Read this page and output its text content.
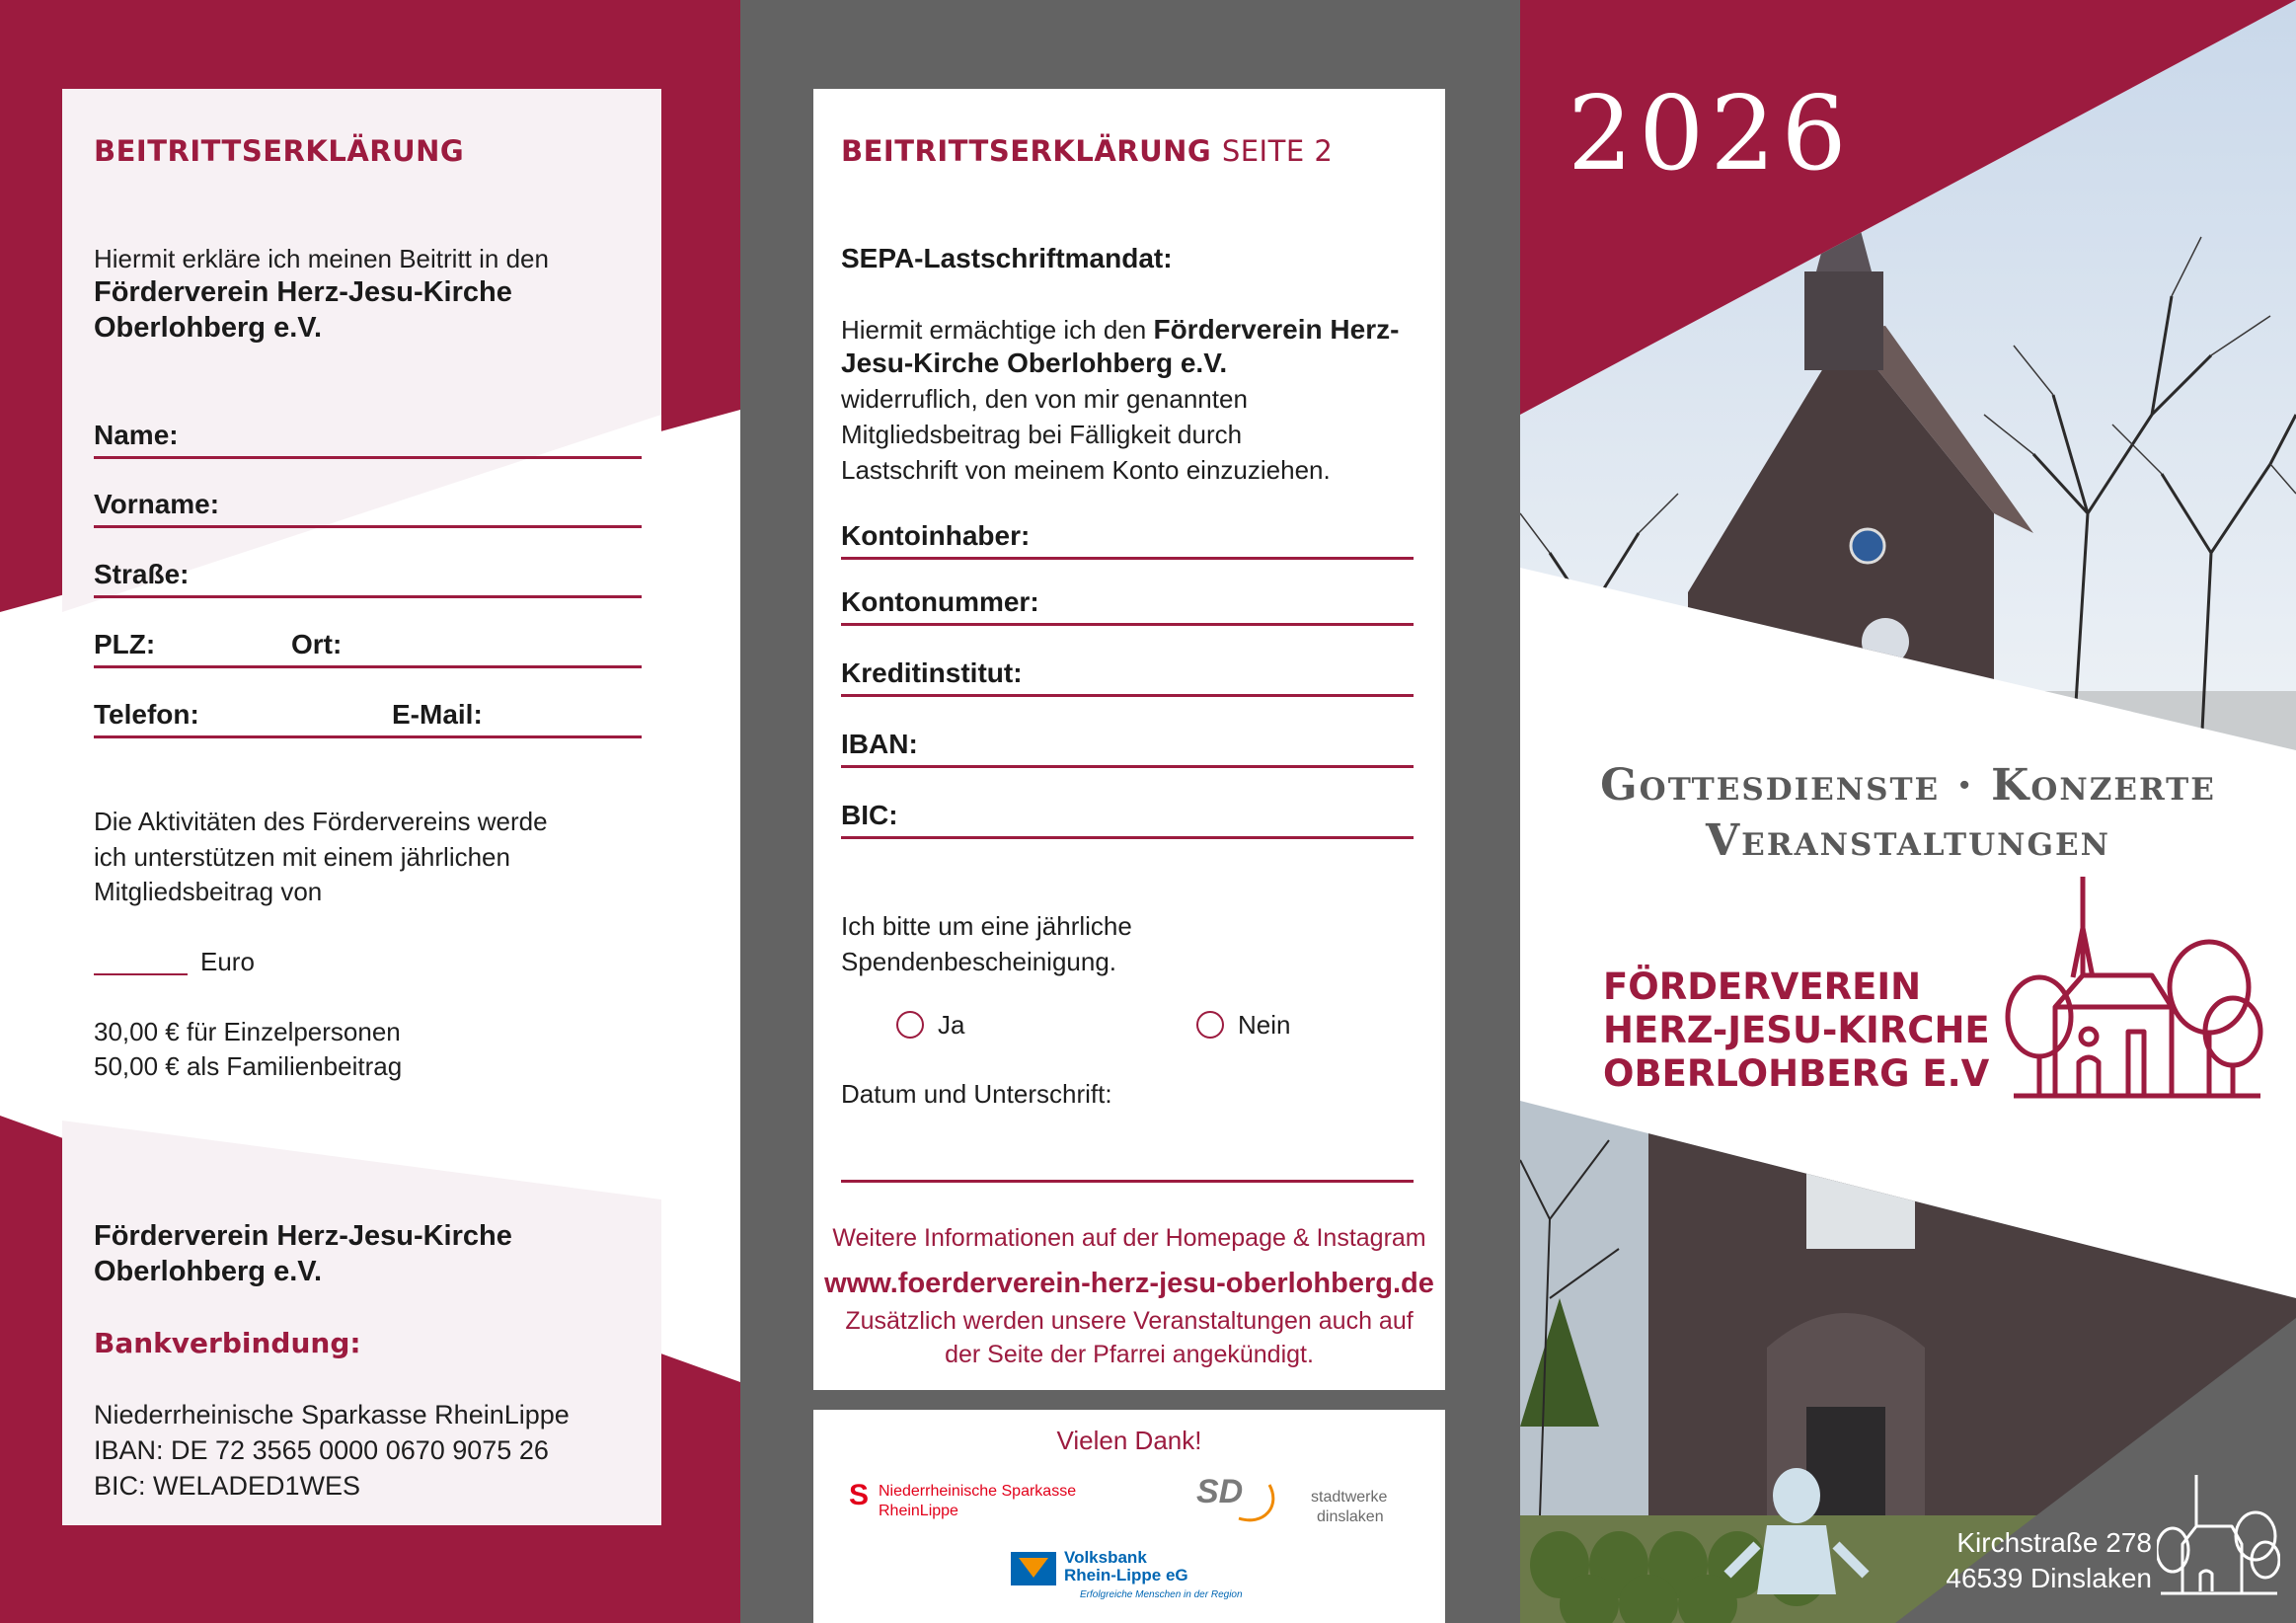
BEITRITTSERKLÄRUNG
Hiermit erkläre ich meinen Beitritt in den
Förderverein Herz-Jesu-Kirche
Oberlohberg e.V.
Name:
Vorname:
Straße:
PLZ:	Ort:
Telefon:	E-Mail:
Die Aktivitäten des Fördervereins werde
ich unterstützen mit einem jährlichen
Mitgliedsbeitrag von
Euro
30,00 € für Einzelpersonen
50,00 € als Familienbeitrag
Förderverein Herz-Jesu-Kirche
Oberlohberg e.V.
Bankverbindung:
Niederrheinische Sparkasse RheinLippe
IBAN: DE 72 3565 0000 0670 9075 26
BIC: WELADED1WES
BEITRITTSERKLÄRUNG SEITE 2
SEPA-Lastschriftmandat:
Hiermit ermächtige ich den Förderverein Herz-
Jesu-Kirche Oberlohberg e.V.
widerruflich, den von mir genannten
Mitgliedsbeitrag bei Fälligkeit durch
Lastschrift von meinem Konto einzuziehen.
Kontoinhaber:
Kontonummer:
Kreditinstitut:
IBAN:
BIC:
Ich bitte um eine jährliche
Spendenbescheinigung.
Ja	Nein
Datum und Unterschrift:
Weitere Informationen auf der Homepage & Instagram
www.foerderverein-herz-jesu-oberlohberg.de
Zusätzlich werden unsere Veranstaltungen auch auf
der Seite der Pfarrei angekündigt.
Vielen Dank!
S Niederrheinische Sparkasse
RheinLippe
SD	stadtwerke
dinslaken
Volksbank
Rhein-Lippe eG
Erfolgreiche Menschen in der Region
2026
Gottesdienste · Konzerte
Veranstaltungen
FÖRDERVEREIN
HERZ-JESU-KIRCHE
OBERLOHBERG E.V
Kirchstraße 278
46539 Dinslaken
